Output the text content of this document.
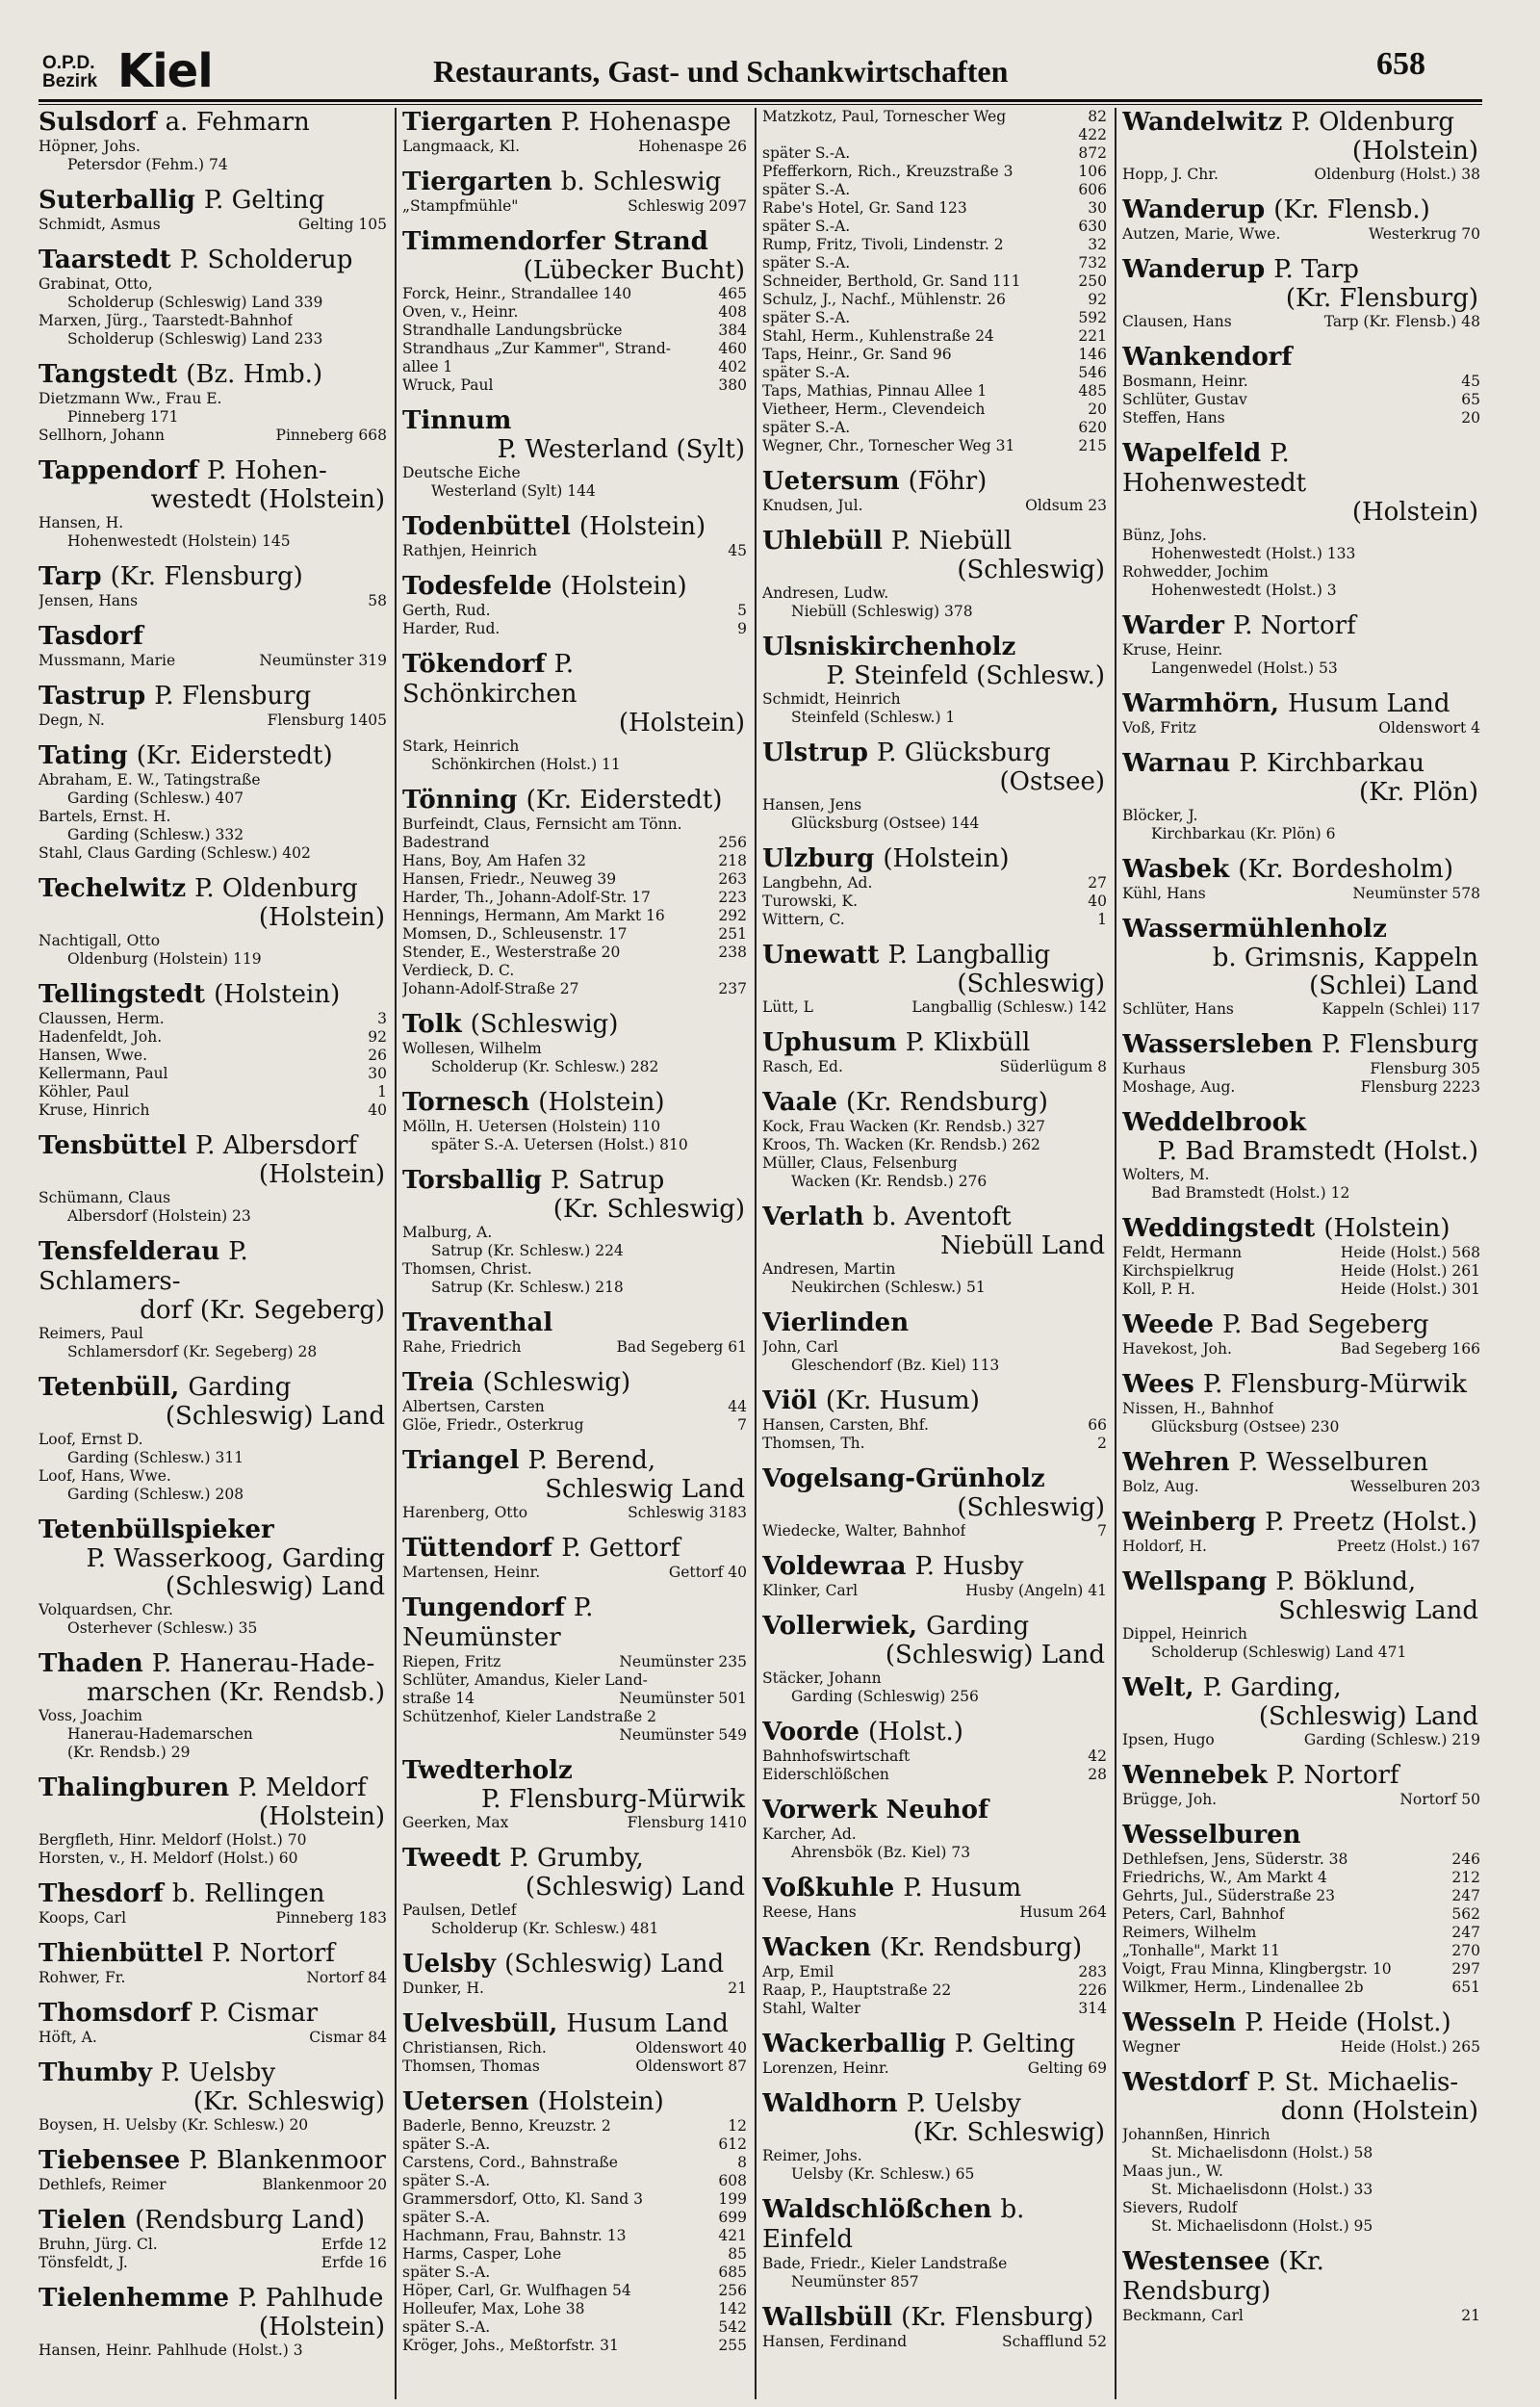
O.P.D.
Bezirk Kiel	Restaurants, Gast- und Schankwirtschaften	658
Sulsdorf a. Fehmarn
Höpner, Johs.
Petersdor (Fehm.) 74
Suterballig P. Gelting
Schmidt, Asmus	Gelting 105
Taarstedt P. Scholderup
Grabinat, Otto,
Scholderup (Schleswig) Land 339
Marxen, Jürg., Taarstedt-Bahnhof
Scholderup (Schleswig) Land 233
Tangstedt (Bz. Hmb.)
Dietzmann Ww., Frau E.
Pinneberg 171
Sellhorn, Johann	Pinneberg 668
Tappendorf P. Hohen-
westedt (Holstein)
Hansen, H.
Hohenwestedt (Holstein) 145
Tarp (Kr. Flensburg)
Jensen, Hans	58
Tasdorf
Mussmann, Marie	Neumünster 319
Tastrup P. Flensburg
Degn, N.	Flensburg 1405
Tating (Kr. Eiderstedt)
Abraham, E. W., Tatingstraße
Garding (Schlesw.) 407
Bartels, Ernst. H.
Garding (Schlesw.) 332
Stahl, Claus Garding (Schlesw.) 402
Techelwitz P. Oldenburg
(Holstein)
Nachtigall, Otto
Oldenburg (Holstein) 119
Tellingstedt (Holstein)
Claussen, Herm.	3
Hadenfeldt, Joh.	92
Hansen, Wwe.	26
Kellermann, Paul	30
Köhler, Paul	1
Kruse, Hinrich	40
Tensbüttel P. Albersdorf
(Holstein)
Schümann, Claus
Albersdorf (Holstein) 23
Tensfelderau P. Schlamers-
dorf (Kr. Segeberg)
Reimers, Paul
Schlamersdorf (Kr. Segeberg) 28
Tetenbüll, Garding
(Schleswig) Land
Loof, Ernst D.
Garding (Schlesw.) 311
Loof, Hans, Wwe.
Garding (Schlesw.) 208
Tetenbüllspieker
P. Wasserkoog, Garding (Schleswig) Land
Volquardsen, Chr.
Osterhever (Schlesw.) 35
Thaden P. Hanerau-Hade-
marschen (Kr. Rendsb.)
Voss, Joachim
Hanerau-Hademarschen
(Kr. Rendsb.) 29
Thalingburen P. Meldorf
(Holstein)
Bergfleth, Hinr. Meldorf (Holst.) 70
Horsten, v., H. Meldorf (Holst.) 60
Thesdorf b. Rellingen
Koops, Carl	Pinneberg 183
Thienbüttel P. Nortorf
Rohwer, Fr.	Nortorf 84
Thomsdorf P. Cismar
Höft, A.	Cismar 84
Thumby P. Uelsby
(Kr. Schleswig)
Boysen, H. Uelsby (Kr. Schlesw.) 20
Tiebensee P. Blankenmoor
Dethlefs, Reimer	Blankenmoor 20
Tielen (Rendsburg Land)
Bruhn, Jürg. Cl.	Erfde 12
Tönsfeldt, J.	Erfde 16
Tielenhemme P. Pahlhude
(Holstein)
Hansen, Heinr. Pahlhude (Holst.) 3
Tiergarten P. Hohenaspe
Langmaack, Kl.	Hohenaspe 26
Tiergarten b. Schleswig
„Stampfmühle"	Schleswig 2097
Timmendorfer Strand
(Lübecker Bucht)
Forck, Heinr., Strandallee 140	465
Oven, v., Heinr.	408
Strandhalle Landungsbrücke	384
Strandhaus „Zur Kammer", Strand-	460
allee 1	402
Wruck, Paul	380
Tinnum
P. Westerland (Sylt)
Deutsche Eiche
Westerland (Sylt) 144
Todenbüttel (Holstein)
Rathjen, Heinrich	45
Todesfelde (Holstein)
Gerth, Rud.	5
Harder, Rud.	9
Tökendorf P. Schönkirchen
(Holstein)
Stark, Heinrich
Schönkirchen (Holst.) 11
Tönning (Kr. Eiderstedt)
Burfeindt, Claus, Fernsicht am Tönn.
Badestrand	256
Hans, Boy, Am Hafen 32	218
Hansen, Friedr., Neuweg 39	263
Harder, Th., Johann-Adolf-Str. 17	223
Hennings, Hermann, Am Markt 16	292
Momsen, D., Schleusenstr. 17	251
Stender, E., Westerstraße 20	238
Verdieck, D. C.
Johann-Adolf-Straße 27	237
Tolk (Schleswig)
Wollesen, Wilhelm
Scholderup (Kr. Schlesw.) 282
Tornesch (Holstein)
Mölln, H. Uetersen (Holstein) 110
später S.-A. Uetersen (Holst.) 810
Torsballig P. Satrup
(Kr. Schleswig)
Malburg, A.
Satrup (Kr. Schlesw.) 224
Thomsen, Christ.
Satrup (Kr. Schlesw.) 218
Traventhal
Rahe, Friedrich	Bad Segeberg 61
Treia (Schleswig)
Albertsen, Carsten	44
Glöe, Friedr., Osterkrug	7
Triangel P. Berend,
Schleswig Land
Harenberg, Otto	Schleswig 3183
Tüttendorf P. Gettorf
Martensen, Heinr.	Gettorf 40
Tungendorf P. Neumünster
Riepen, Fritz	Neumünster 235
Schlüter, Amandus, Kieler Land-
straße 14	Neumünster 501
Schützenhof, Kieler Landstraße 2
Neumünster 549
Twedterholz
P. Flensburg-Mürwik
Geerken, Max	Flensburg 1410
Tweedt P. Grumby,
(Schleswig) Land
Paulsen, Detlef
Scholderup (Kr. Schlesw.) 481
Uelsby (Schleswig) Land
Dunker, H.	21
Uelvesbüll, Husum Land
Christiansen, Rich.	Oldenswort 40
Thomsen, Thomas	Oldenswort 87
Uetersen (Holstein)
Baderle, Benno, Kreuzstr. 2	12
später S.-A.	612
Carstens, Cord., Bahnstraße	8
später S.-A.	608
Grammersdorf, Otto, Kl. Sand 3	199
später S.-A.	699
Hachmann, Frau, Bahnstr. 13	421
Harms, Casper, Lohe	85
später S.-A.	685
Höper, Carl, Gr. Wulfhagen 54	256
Holleufer, Max, Lohe 38	142
später S.-A.	542
Kröger, Johs., Meßtorfstr. 31	255
Matzkotz, Paul, Tornescher Weg	82
422
später S.-A.	872
Pfefferkorn, Rich., Kreuzstraße 3	106
später S.-A.	606
Rabe's Hotel, Gr. Sand 123	30
später S.-A.	630
Rump, Fritz, Tivoli, Lindenstr. 2	32
später S.-A.	732
Schneider, Berthold, Gr. Sand 111	250
Schulz, J., Nachf., Mühlenstr. 26	92
später S.-A.	592
Stahl, Herm., Kuhlenstraße 24	221
Taps, Heinr., Gr. Sand 96	146
später S.-A.	546
Taps, Mathias, Pinnau Allee 1	485
Vietheer, Herm., Clevendeich	20
später S.-A.	620
Wegner, Chr., Tornescher Weg 31	215
Uetersum (Föhr)
Knudsen, Jul.	Oldsum 23
Uhlebüll P. Niebüll
(Schleswig)
Andresen, Ludw.
Niebüll (Schleswig) 378
Ulsniskirchenholz
P. Steinfeld (Schlesw.)
Schmidt, Heinrich
Steinfeld (Schlesw.) 1
Ulstrup P. Glücksburg
(Ostsee)
Hansen, Jens
Glücksburg (Ostsee) 144
Ulzburg (Holstein)
Langbehn, Ad.	27
Turowski, K.	40
Wittern, C.	1
Unewatt P. Langballig
(Schleswig)
Lütt, L	Langballig (Schlesw.) 142
Uphusum P. Klixbüll
Rasch, Ed.	Süderlügum 8
Vaale (Kr. Rendsburg)
Kock, Frau Wacken (Kr. Rendsb.) 327
Kroos, Th. Wacken (Kr. Rendsb.) 262
Müller, Claus, Felsenburg
Wacken (Kr. Rendsb.) 276
Verlath b. Aventoft
Niebüll Land
Andresen, Martin
Neukirchen (Schlesw.) 51
Vierlinden
John, Carl
Gleschendorf (Bz. Kiel) 113
Viöl (Kr. Husum)
Hansen, Carsten, Bhf.	66
Thomsen, Th.	2
Vogelsang-Grünholz
(Schleswig)
Wiedecke, Walter, Bahnhof	7
Voldewraa P. Husby
Klinker, Carl	Husby (Angeln) 41
Vollerwiek, Garding
(Schleswig) Land
Stäcker, Johann
Garding (Schleswig) 256
Voorde (Holst.)
Bahnhofswirtschaft	42
Eiderschlößchen	28
Vorwerk Neuhof
Karcher, Ad.
Ahrensbök (Bz. Kiel) 73
Voßkuhle P. Husum
Reese, Hans	Husum 264
Wacken (Kr. Rendsburg)
Arp, Emil	283
Raap, P., Hauptstraße 22	226
Stahl, Walter	314
Wackerballig P. Gelting
Lorenzen, Heinr.	Gelting 69
Waldhorn P. Uelsby
(Kr. Schleswig)
Reimer, Johs.
Uelsby (Kr. Schlesw.) 65
Waldschlößchen b. Einfeld
Bade, Friedr., Kieler Landstraße
Neumünster 857
Wallsbüll (Kr. Flensburg)
Hansen, Ferdinand	Schafflund 52
Wandelwitz P. Oldenburg
(Holstein)
Hopp, J. Chr.	Oldenburg (Holst.) 38
Wanderup (Kr. Flensb.)
Autzen, Marie, Wwe.	Westerkrug 70
Wanderup P. Tarp
(Kr. Flensburg)
Clausen, Hans	Tarp (Kr. Flensb.) 48
Wankendorf
Bosmann, Heinr.	45
Schlüter, Gustav	65
Steffen, Hans	20
Wapelfeld P. Hohenwestedt
(Holstein)
Bünz, Johs.
Hohenwestedt (Holst.) 133
Rohwedder, Jochim
Hohenwestedt (Holst.) 3
Warder P. Nortorf
Kruse, Heinr.
Langenwedel (Holst.) 53
Warmhörn, Husum Land
Voß, Fritz	Oldenswort 4
Warnau P. Kirchbarkau
(Kr. Plön)
Blöcker, J.
Kirchbarkau (Kr. Plön) 6
Wasbek (Kr. Bordesholm)
Kühl, Hans	Neumünster 578
Wassermühlenholz
b. Grimsnis, Kappeln (Schlei) Land
Schlüter, Hans	Kappeln (Schlei) 117
Wassersleben P. Flensburg
Kurhaus	Flensburg 305
Moshage, Aug.	Flensburg 2223
Weddelbrook
P. Bad Bramstedt (Holst.)
Wolters, M.
Bad Bramstedt (Holst.) 12
Weddingstedt (Holstein)
Feldt, Hermann	Heide (Holst.) 568
Kirchspielkrug	Heide (Holst.) 261
Koll, P. H.	Heide (Holst.) 301
Weede P. Bad Segeberg
Havekost, Joh.	Bad Segeberg 166
Wees P. Flensburg-Mürwik
Nissen, H., Bahnhof
Glücksburg (Ostsee) 230
Wehren P. Wesselburen
Bolz, Aug.	Wesselburen 203
Weinberg P. Preetz (Holst.)
Holdorf, H.	Preetz (Holst.) 167
Wellspang P. Böklund,
Schleswig Land
Dippel, Heinrich
Scholderup (Schleswig) Land 471
Welt, P. Garding,
(Schleswig) Land
Ipsen, Hugo	Garding (Schlesw.) 219
Wennebek P. Nortorf
Brügge, Joh.	Nortorf 50
Wesselburen
Dethlefsen, Jens, Süderstr. 38	246
Friedrichs, W., Am Markt 4	212
Gehrts, Jul., Süderstraße 23	247
Peters, Carl, Bahnhof	562
Reimers, Wilhelm	247
„Tonhalle", Markt 11	270
Voigt, Frau Minna, Klingbergstr. 10	297
Wilkmer, Herm., Lindenallee 2b	651
Wesseln P. Heide (Holst.)
Wegner	Heide (Holst.) 265
Westdorf P. St. Michaelis-
donn (Holstein)
Johannßen, Hinrich
St. Michaelisdonn (Holst.) 58
Maas jun., W.
St. Michaelisdonn (Holst.) 33
Sievers, Rudolf
St. Michaelisdonn (Holst.) 95
Westensee (Kr. Rendsburg)
Beckmann, Carl	21
